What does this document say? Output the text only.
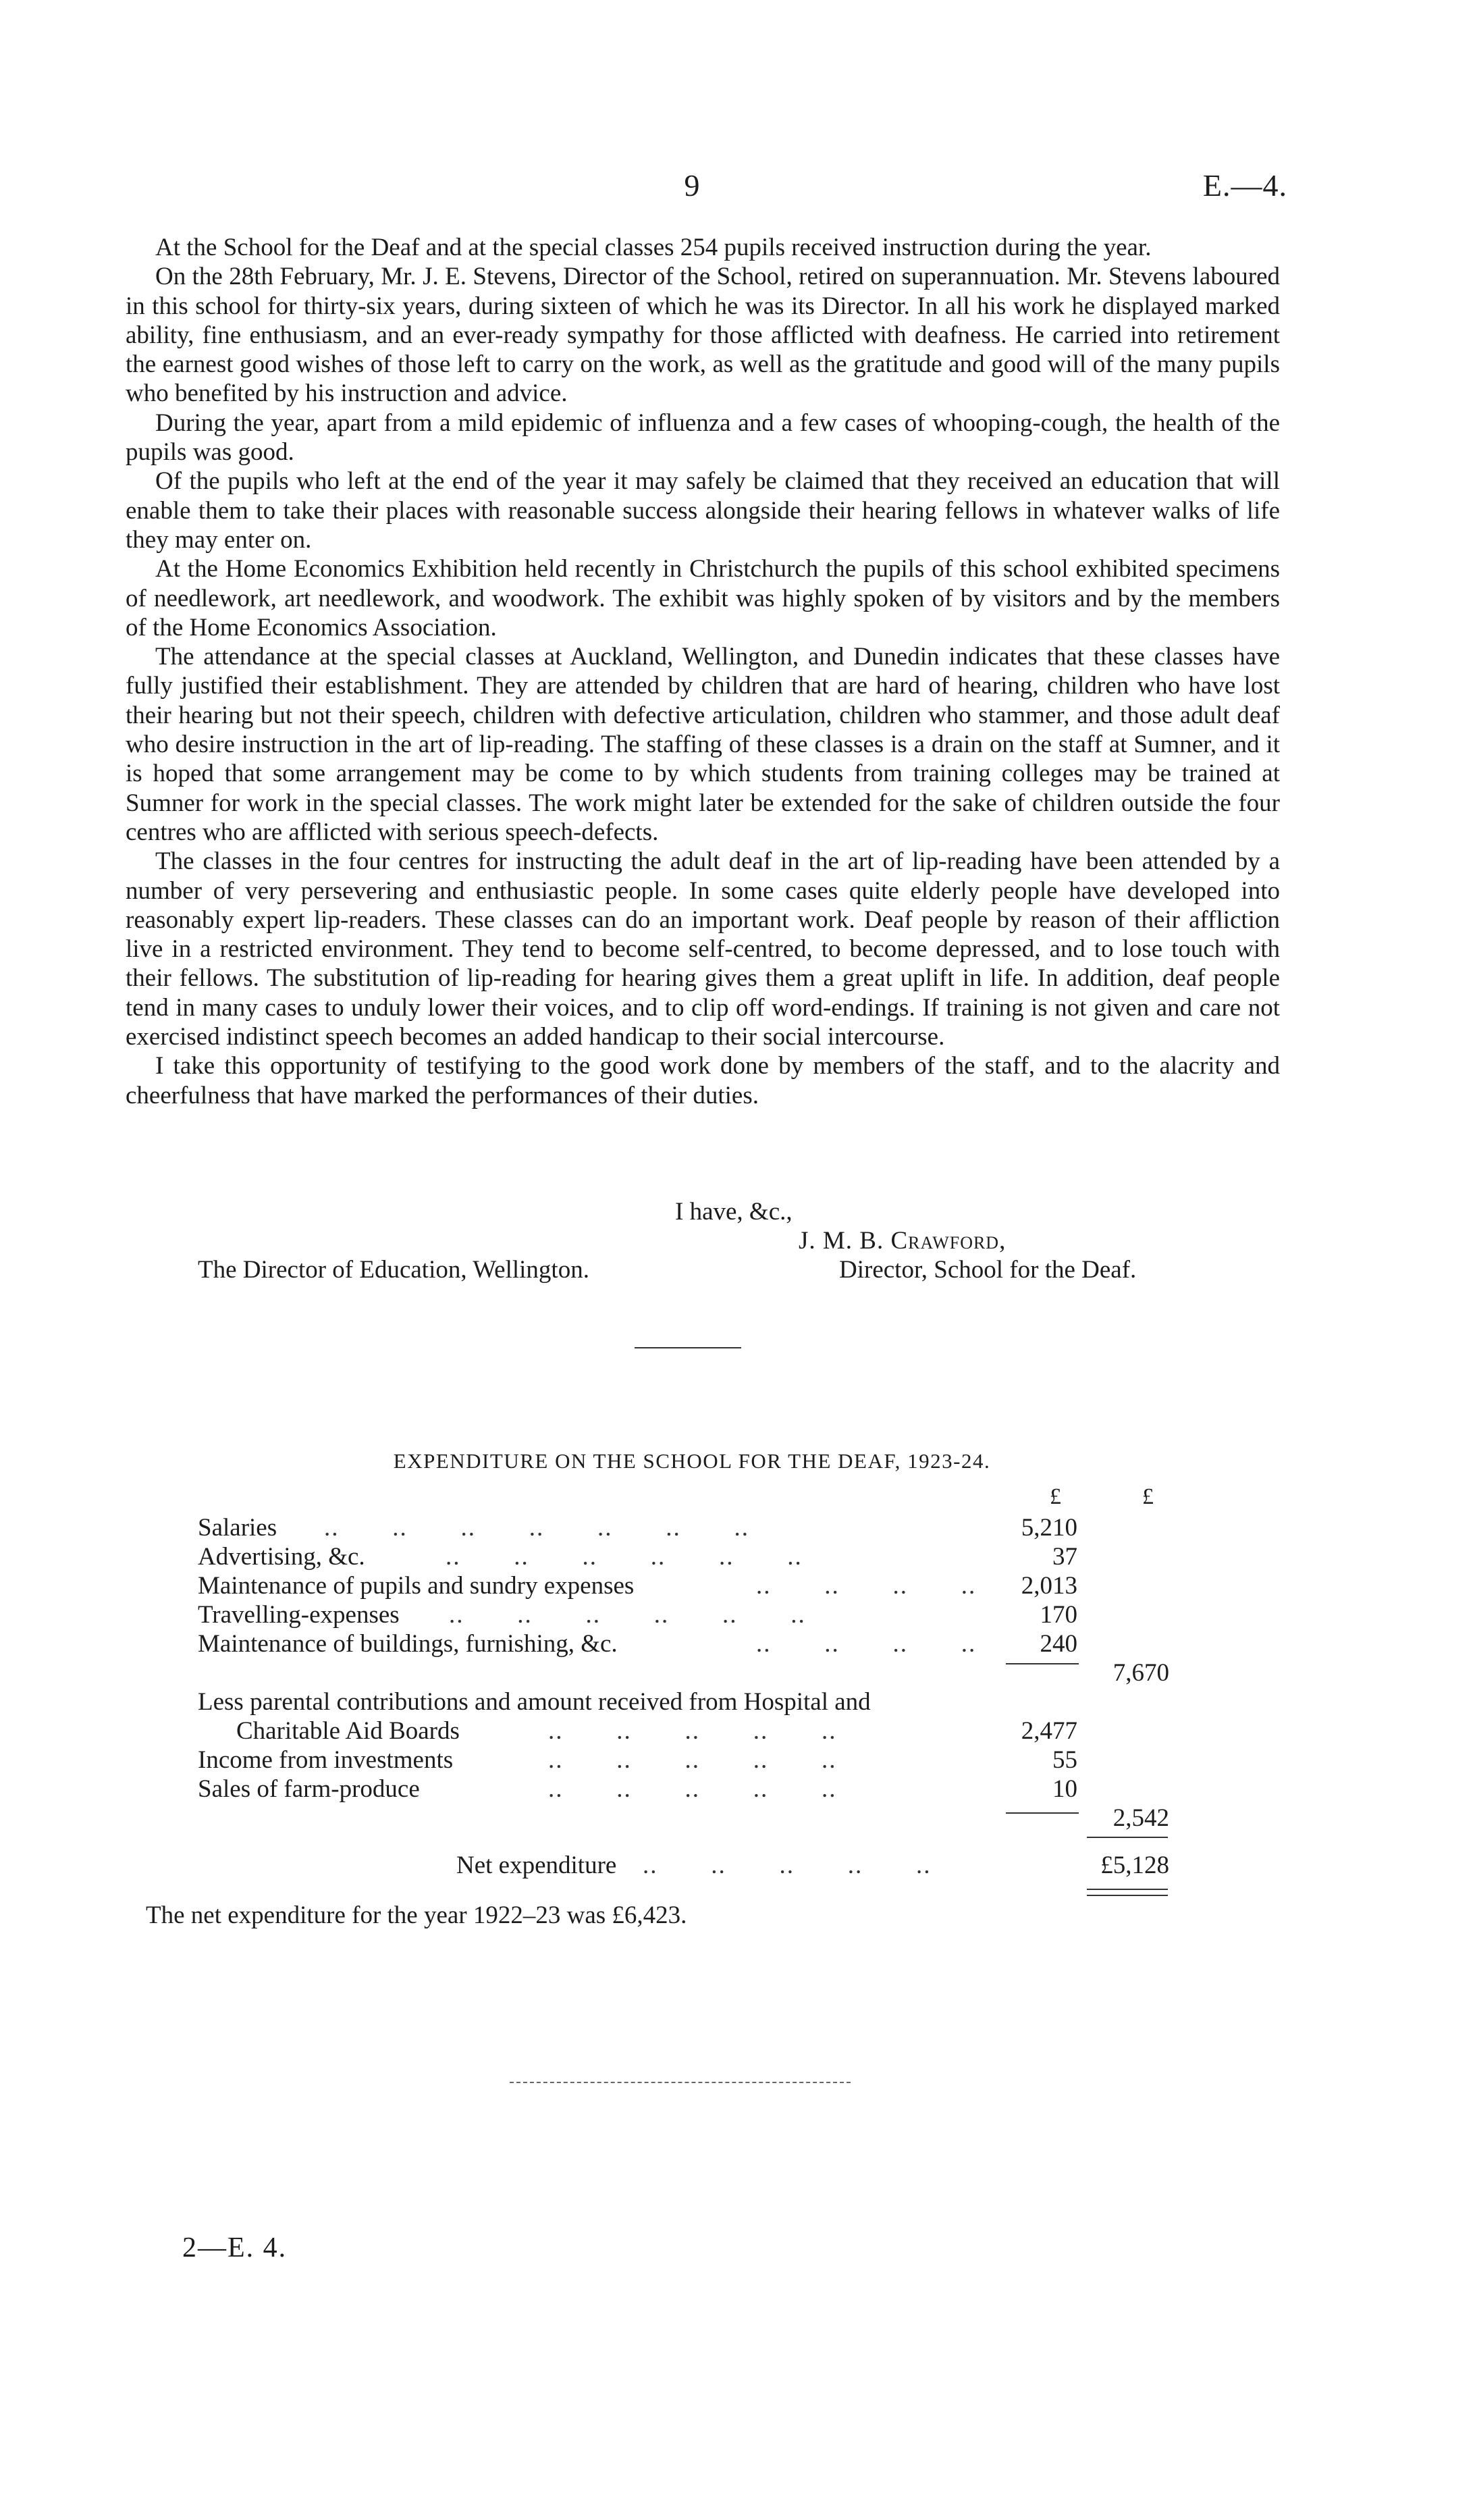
9	E.—4.

At the School for the Deaf and at the special classes 254 pupils received instruction during the year.

On the 28th February, Mr. J. E. Stevens, Director of the School, retired on superannuation. Mr. Stevens laboured in this school for thirty-six years, during sixteen of which he was its Director. In all his work he displayed marked ability, fine enthusiasm, and an ever-ready sympathy for those afflicted with deafness. He carried into retirement the earnest good wishes of those left to carry on the work, as well as the gratitude and good will of the many pupils who benefited by his instruction and advice.

During the year, apart from a mild epidemic of influenza and a few cases of whooping-cough, the health of the pupils was good.

Of the pupils who left at the end of the year it may safely be claimed that they received an education that will enable them to take their places with reasonable success alongside their hearing fellows in whatever walks of life they may enter on.

At the Home Economics Exhibition held recently in Christchurch the pupils of this school exhibited specimens of needlework, art needlework, and woodwork. The exhibit was highly spoken of by visitors and by the members of the Home Economics Association.

The attendance at the special classes at Auckland, Wellington, and Dunedin indicates that these classes have fully justified their establishment. They are attended by children that are hard of hearing, children who have lost their hearing but not their speech, children with defective articulation, children who stammer, and those adult deaf who desire instruction in the art of lip-reading. The staffing of these classes is a drain on the staff at Sumner, and it is hoped that some arrangement may be come to by which students from training colleges may be trained at Sumner for work in the special classes. The work might later be extended for the sake of children outside the four centres who are afflicted with serious speech-defects.

The classes in the four centres for instructing the adult deaf in the art of lip-reading have been attended by a number of very persevering and enthusiastic people. In some cases quite elderly people have developed into reasonably expert lip-readers. These classes can do an important work. Deaf people by reason of their affliction live in a restricted environment. They tend to become self-centred, to become depressed, and to lose touch with their fellows. The substitution of lip-reading for hearing gives them a great uplift in life. In addition, deaf people tend in many cases to unduly lower their voices, and to clip off word-endings. If training is not given and care not exercised indistinct speech becomes an added handicap to their social intercourse.

I take this opportunity of testifying to the good work done by members of the staff, and to the alacrity and cheerfulness that have marked the performances of their duties.

I have, &c.,
J. M. B. Crawford,
The Director of Education, Wellington.	Director, School for the Deaf.
EXPENDITURE ON THE SCHOOL FOR THE DEAF, 1923-24.
£	£
Salaries ..       ..       ..       ..       ..       ..       ..	5,210
Advertising, &c.	..       ..       ..       ..       ..       ..	37
Maintenance of pupils and sundry expenses	..       ..       ..       ..	2,013
Travelling-expenses ..       ..       ..       ..       ..       ..	170
Maintenance of buildings, furnishing, &c.	..       ..       ..       ..	240
7,670
Less parental contributions and amount received from Hospital and
Charitable Aid Boards	..       ..       ..       ..       ..	2,477
Income from investments	..       ..       ..       ..       ..	55
Sales of farm-produce	..       ..       ..       ..       ..	10
2,542
Net expenditure ..       ..       ..       ..       ..	£5,128
The net expenditure for the year 1922–23 was £6,423.
2—E. 4.
